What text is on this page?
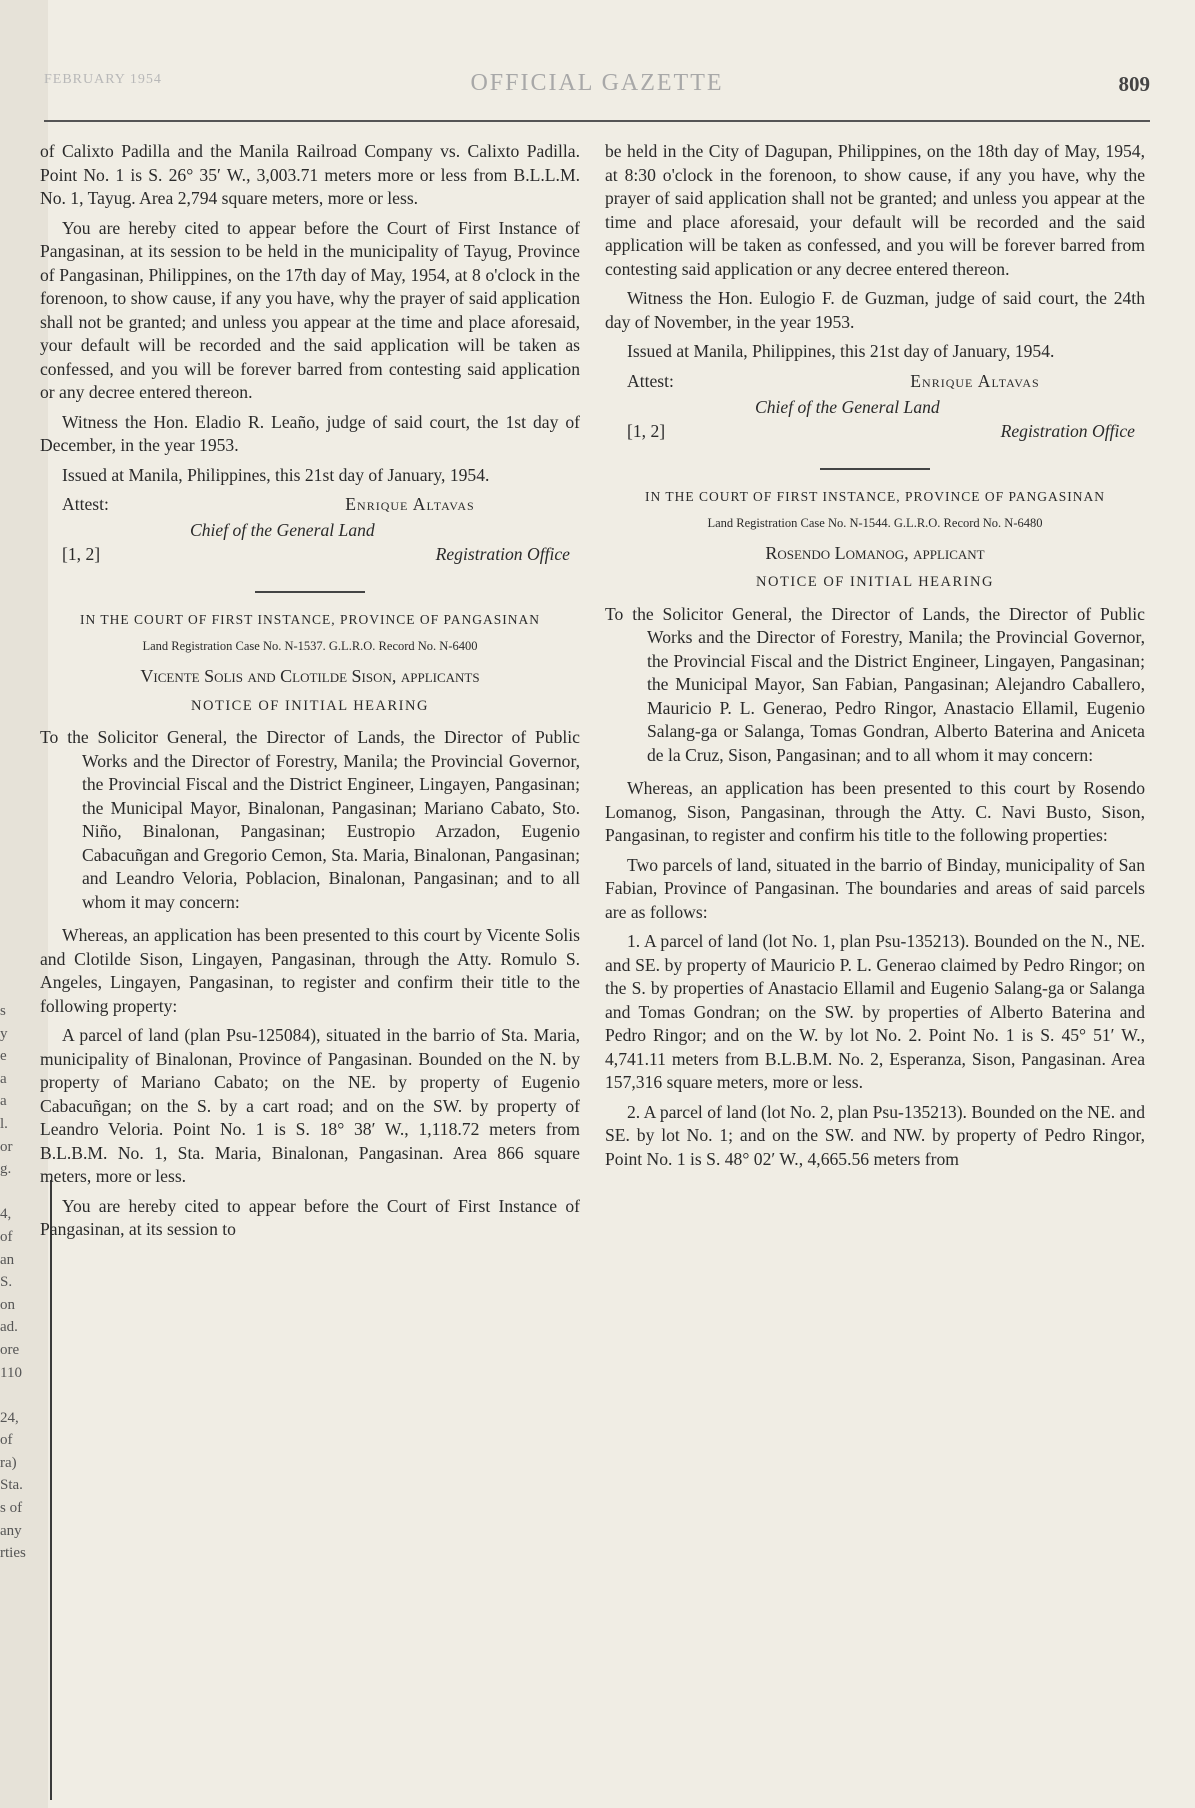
s
y
e
a
a
l.
or
g.

4,
of
an
S.
on
ad.
ore
110

24,
of
ra)
Sta.
s of
any
rties
FEBRUARY 1954	OFFICIAL GAZETTE	809

of Calixto Padilla and the Manila Railroad Company vs. Calixto Padilla. Point No. 1 is S. 26° 35′ W., 3,003.71 meters more or less from B.L.L.M. No. 1, Tayug. Area 2,794 square meters, more or less.

You are hereby cited to appear before the Court of First Instance of Pangasinan, at its session to be held in the municipality of Tayug, Province of Pangasinan, Philippines, on the 17th day of May, 1954, at 8 o'clock in the forenoon, to show cause, if any you have, why the prayer of said application shall not be granted; and unless you appear at the time and place aforesaid, your default will be recorded and the said application will be taken as confessed, and you will be forever barred from contesting said application or any decree entered thereon.

Witness the Hon. Eladio R. Leaño, judge of said court, the 1st day of December, in the year 1953.

Issued at Manila, Philippines, this 21st day of January, 1954.

Attest:	Enrique Altavas
Chief of the General Land
[1, 2]	Registration Office
IN THE COURT OF FIRST INSTANCE, PROVINCE OF PANGASINAN
Land Registration Case No. N-1537. G.L.R.O. Record No. N-6400
Vicente Solis and Clotilde Sison, applicants
NOTICE OF INITIAL HEARING
To the Solicitor General, the Director of Lands, the Director of Public Works and the Director of Forestry, Manila; the Provincial Governor, the Provincial Fiscal and the District Engineer, Lingayen, Pangasinan; the Municipal Mayor, Binalonan, Pangasinan; Mariano Cabato, Sto. Niño, Binalonan, Pangasinan; Eustropio Arzadon, Eugenio Cabacuñgan and Gregorio Cemon, Sta. Maria, Binalonan, Pangasinan; and Leandro Veloria, Poblacion, Binalonan, Pangasinan; and to all whom it may concern:

Whereas, an application has been presented to this court by Vicente Solis and Clotilde Sison, Lingayen, Pangasinan, through the Atty. Romulo S. Angeles, Lingayen, Pangasinan, to register and confirm their title to the following property:

A parcel of land (plan Psu-125084), situated in the barrio of Sta. Maria, municipality of Binalonan, Province of Pangasinan. Bounded on the N. by property of Mariano Cabato; on the NE. by property of Eugenio Cabacuñgan; on the S. by a cart road; and on the SW. by property of Leandro Veloria. Point No. 1 is S. 18° 38′ W., 1,118.72 meters from B.L.B.M. No. 1, Sta. Maria, Binalonan, Pangasinan. Area 866 square meters, more or less.

You are hereby cited to appear before the Court of First Instance of Pangasinan, at its session to

be held in the City of Dagupan, Philippines, on the 18th day of May, 1954, at 8:30 o'clock in the forenoon, to show cause, if any you have, why the prayer of said application shall not be granted; and unless you appear at the time and place aforesaid, your default will be recorded and the said application will be taken as confessed, and you will be forever barred from contesting said application or any decree entered thereon.

Witness the Hon. Eulogio F. de Guzman, judge of said court, the 24th day of November, in the year 1953.

Issued at Manila, Philippines, this 21st day of January, 1954.

Attest:	Enrique Altavas
Chief of the General Land
[1, 2]	Registration Office
IN THE COURT OF FIRST INSTANCE, PROVINCE OF PANGASINAN
Land Registration Case No. N-1544. G.L.R.O. Record No. N-6480
Rosendo Lomanog, applicant
NOTICE OF INITIAL HEARING
To the Solicitor General, the Director of Lands, the Director of Public Works and the Director of Forestry, Manila; the Provincial Governor, the Provincial Fiscal and the District Engineer, Lingayen, Pangasinan; the Municipal Mayor, San Fabian, Pangasinan; Alejandro Caballero, Mauricio P. L. Generao, Pedro Ringor, Anastacio Ellamil, Eugenio Salang-ga or Salanga, Tomas Gondran, Alberto Baterina and Aniceta de la Cruz, Sison, Pangasinan; and to all whom it may concern:

Whereas, an application has been presented to this court by Rosendo Lomanog, Sison, Pangasinan, through the Atty. C. Navi Busto, Sison, Pangasinan, to register and confirm his title to the following properties:

Two parcels of land, situated in the barrio of Binday, municipality of San Fabian, Province of Pangasinan. The boundaries and areas of said parcels are as follows:

1. A parcel of land (lot No. 1, plan Psu-135213). Bounded on the N., NE. and SE. by property of Mauricio P. L. Generao claimed by Pedro Ringor; on the S. by properties of Anastacio Ellamil and Eugenio Salang-ga or Salanga and Tomas Gondran; on the SW. by properties of Alberto Baterina and Pedro Ringor; and on the W. by lot No. 2. Point No. 1 is S. 45° 51′ W., 4,741.11 meters from B.L.B.M. No. 2, Esperanza, Sison, Pangasinan. Area 157,316 square meters, more or less.

2. A parcel of land (lot No. 2, plan Psu-135213). Bounded on the NE. and SE. by lot No. 1; and on the SW. and NW. by property of Pedro Ringor, Point No. 1 is S. 48° 02′ W., 4,665.56 meters from
